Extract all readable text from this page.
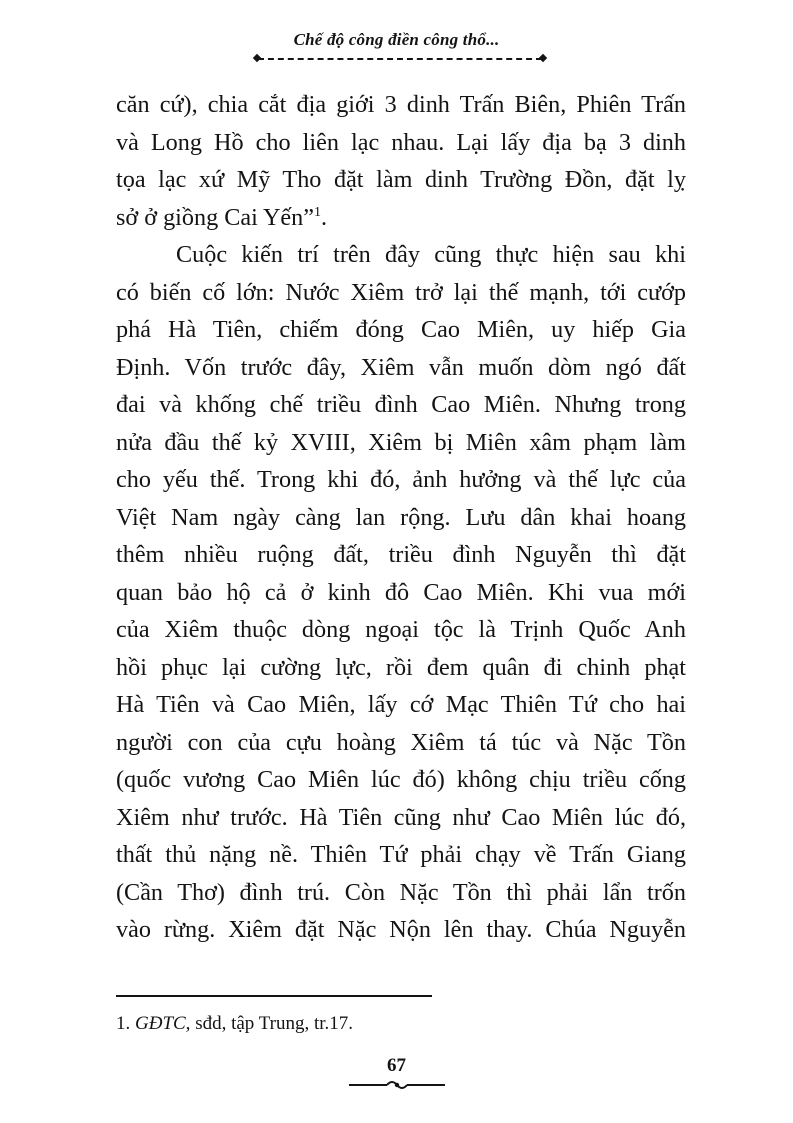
Chế độ công điền công thổ...
căn cứ), chia cắt địa giới 3 dinh Trấn Biên, Phiên Trấn
và Long Hồ cho liên lạc nhau. Lại lấy địa bạ 3 dinh
tọa lạc xứ Mỹ Tho đặt làm dinh Trường Đồn, đặt lỵ
sở ở giồng Cai Yến”$^1$.
Cuộc kiến trí trên đây cũng thực hiện sau khi
có biến cố lớn: Nước Xiêm trở lại thế mạnh, tới cướp
phá Hà Tiên, chiếm đóng Cao Miên, uy hiếp Gia
Định. Vốn trước đây, Xiêm vẫn muốn dòm ngó đất
đai và khống chế triều đình Cao Miên. Nhưng trong
nửa đầu thế kỷ XVIII, Xiêm bị Miên xâm phạm làm
cho yếu thế. Trong khi đó, ảnh hưởng và thế lực của
Việt Nam ngày càng lan rộng. Lưu dân khai hoang
thêm nhiều ruộng đất, triều đình Nguyễn thì đặt
quan bảo hộ cả ở kinh đô Cao Miên. Khi vua mới
của Xiêm thuộc dòng ngoại tộc là Trịnh Quốc Anh
hồi phục lại cường lực, rồi đem quân đi chinh phạt
Hà Tiên và Cao Miên, lấy cớ Mạc Thiên Tứ cho hai
người con của cựu hoàng Xiêm tá túc và Nặc Tồn
(quốc vương Cao Miên lúc đó) không chịu triều cống
Xiêm như trước. Hà Tiên cũng như Cao Miên lúc đó,
thất thủ nặng nề. Thiên Tứ phải chạy về Trấn Giang
(Cần Thơ) đình trú. Còn Nặc Tồn thì phải lẩn trốn
vào rừng. Xiêm đặt Nặc Nộn lên thay. Chúa Nguyễn
1. GĐTC, sđd, tập Trung, tr.17.
67
